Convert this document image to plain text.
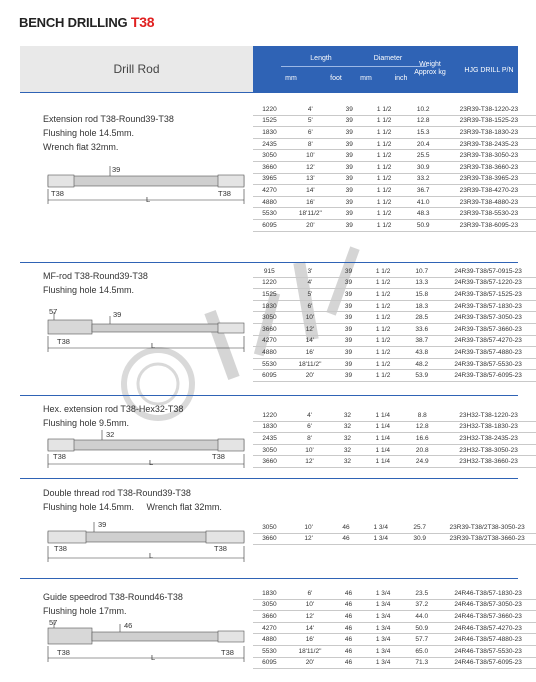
BENCH DRILLING T38
Drill Rod
Length
mm	foot
Diameter
mm	inch
Weight
Approx kg	HJG DRILL P/N
Extension rod T38-Round39-T38
Flushing hole 14.5mm.
Wrench flat 32mm.
39
T38	T38
L
1220	4'	39	1 1/2	10.2	23R39-T38-1220-23
1525	5'	39	1 1/2	12.8	23R39-T38-1525-23
1830	6'	39	1 1/2	15.3	23R39-T38-1830-23
2435	8'	39	1 1/2	20.4	23R39-T38-2435-23
3050	10'	39	1 1/2	25.5	23R39-T38-3050-23
3660	12'	39	1 1/2	30.9	23R39-T38-3660-23
3965	13'	39	1 1/2	33.2	23R39-T38-3965-23
4270	14'	39	1 1/2	36.7	23R39-T38-4270-23
4880	16'	39	1 1/2	41.0	23R39-T38-4880-23
5530	18'11/2"	39	1 1/2	48.3	23R39-T38-5530-23
6095	20'	39	1 1/2	50.9	23R39-T38-6095-23
MF-rod T38-Round39-T38
Flushing hole 14.5mm.
57	39
T38	L
915	3'	39	1 1/2	10.7	24R39-T38/57-0915-23
1220	4'	39	1 1/2	13.3	24R39-T38/57-1220-23
1525	5'	39	1 1/2	15.8	24R39-T38/57-1525-23
1830	6'	39	1 1/2	18.3	24R39-T38/57-1830-23
3050	10'	39	1 1/2	28.5	24R39-T38/57-3050-23
3660	12'	39	1 1/2	33.6	24R39-T38/57-3660-23
4270	14'	39	1 1/2	38.7	24R39-T38/57-4270-23
4880	16'	39	1 1/2	43.8	24R39-T38/57-4880-23
5530	18'11/2"	39	1 1/2	48.2	24R39-T38/57-5530-23
6095	20'	39	1 1/2	53.9	24R39-T38/57-6095-23
Hex. extension rod T38-Hex32-T38
Flushing hole 9.5mm.
32
T38	T38
L
1220	4'	32	1 1/4	8.8	23H32-T38-1220-23
1830	6'	32	1 1/4	12.8	23H32-T38-1830-23
2435	8'	32	1 1/4	16.6	23H32-T38-2435-23
3050	10'	32	1 1/4	20.8	23H32-T38-3050-23
3660	12'	32	1 1/4	24.9	23H32-T38-3660-23
Double thread rod T38-Round39-T38
Flushing hole 14.5mm.     Wrench flat 32mm.
39
T38	T38
L
3050	10'	46	1 3/4	25.7	23R39-T38/2T38-3050-23
3660	12'	46	1 3/4	30.9	23R39-T38/2T38-3660-23
Guide speedrod T38-Round46-T38
Flushing hole 17mm.
57	46
T38	T38
L
1830	6'	46	1 3/4	23.5	24R46-T38/57-1830-23
3050	10'	46	1 3/4	37.2	24R46-T38/57-3050-23
3660	12'	46	1 3/4	44.0	24R46-T38/57-3660-23
4270	14'	46	1 3/4	50.9	24R46-T38/57-4270-23
4880	16'	46	1 3/4	57.7	24R46-T38/57-4880-23
5530	18'11/2"	46	1 3/4	65.0	24R46-T38/57-5530-23
6095	20'	46	1 3/4	71.3	24R46-T38/57-6095-23
